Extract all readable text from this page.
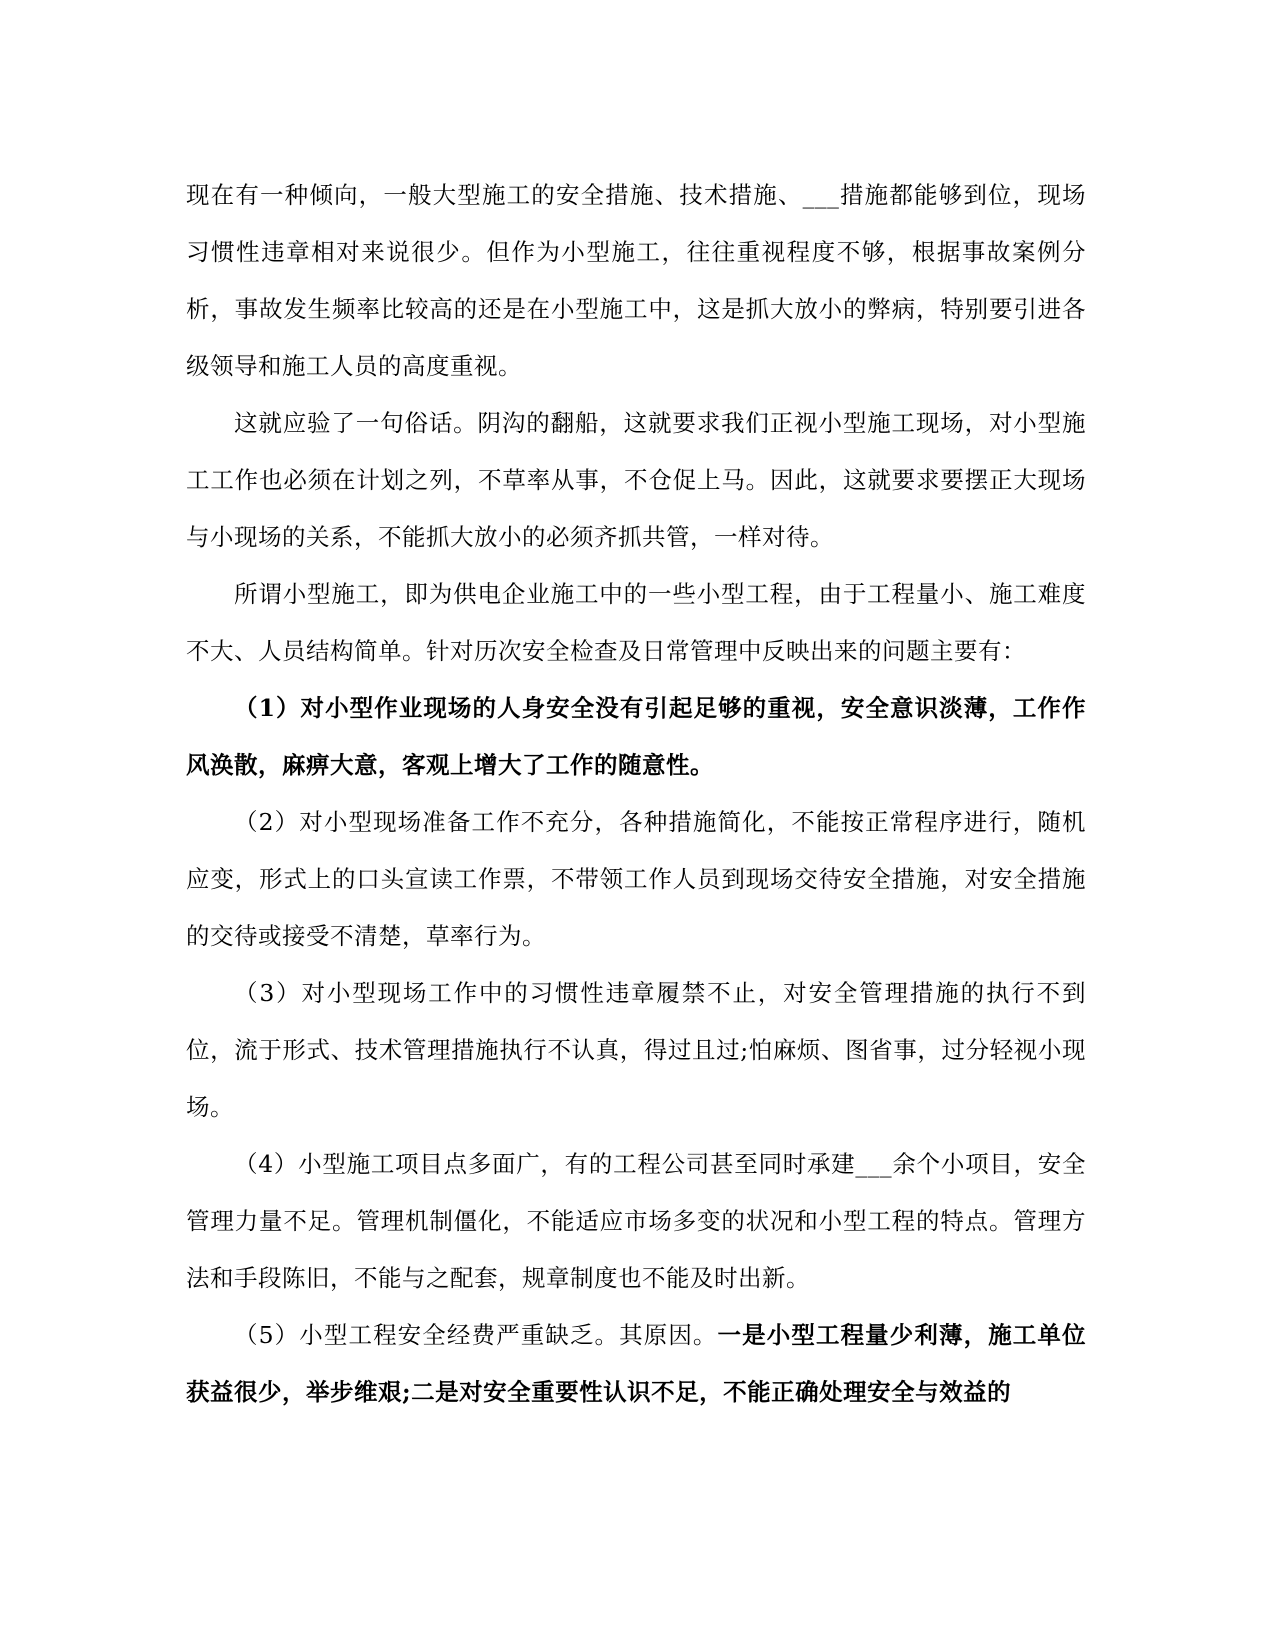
现在有一种倾向，一般大型施工的安全措施、技术措施、___措施都能够到位，现场习惯性违章相对来说很少。但作为小型施工，往往重视程度不够，根据事故案例分析，事故发生频率比较高的还是在小型施工中，这是抓大放小的弊病，特别要引进各级领导和施工人员的高度重视。

这就应验了一句俗话。阴沟的翻船，这就要求我们正视小型施工现场，对小型施工工作也必须在计划之列，不草率从事，不仓促上马。因此，这就要求要摆正大现场与小现场的关系，不能抓大放小的必须齐抓共管，一样对待。

所谓小型施工，即为供电企业施工中的一些小型工程，由于工程量小、施工难度不大、人员结构简单。针对历次安全检查及日常管理中反映出来的问题主要有：

（1）对小型作业现场的人身安全没有引起足够的重视，安全意识淡薄，工作作风涣散，麻痹大意，客观上增大了工作的随意性。

（2）对小型现场准备工作不充分，各种措施简化，不能按正常程序进行，随机应变，形式上的口头宣读工作票，不带领工作人员到现场交待安全措施，对安全措施的交待或接受不清楚，草率行为。

（3）对小型现场工作中的习惯性违章履禁不止，对安全管理措施的执行不到位，流于形式、技术管理措施执行不认真，得过且过;怕麻烦、图省事，过分轻视小现场。

（4）小型施工项目点多面广，有的工程公司甚至同时承建___余个小项目，安全管理力量不足。管理机制僵化，不能适应市场多变的状况和小型工程的特点。管理方法和手段陈旧，不能与之配套，规章制度也不能及时出新。

（5）小型工程安全经费严重缺乏。其原因。一是小型工程量少利薄，施工单位获益很少，举步维艰;二是对安全重要性认识不足，不能正确处理安全与效益的
